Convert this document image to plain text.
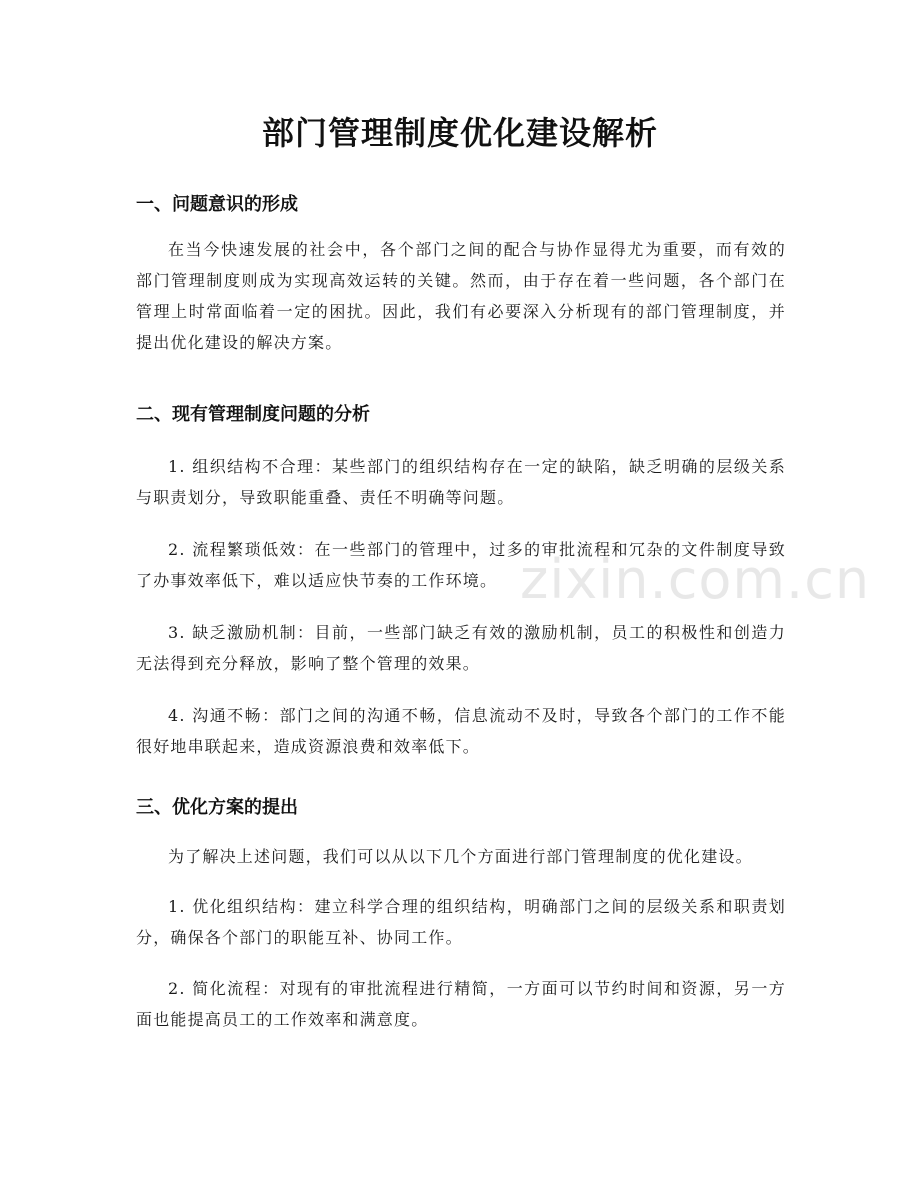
部门管理制度优化建设解析
一、问题意识的形成
在当今快速发展的社会中，各个部门之间的配合与协作显得尤为重要，而有效的部门管理制度则成为实现高效运转的关键。然而，由于存在着一些问题，各个部门在管理上时常面临着一定的困扰。因此，我们有必要深入分析现有的部门管理制度，并提出优化建设的解决方案。
二、现有管理制度问题的分析
1. 组织结构不合理：某些部门的组织结构存在一定的缺陷，缺乏明确的层级关系与职责划分，导致职能重叠、责任不明确等问题。
2. 流程繁琐低效：在一些部门的管理中，过多的审批流程和冗杂的文件制度导致了办事效率低下，难以适应快节奏的工作环境。
3. 缺乏激励机制：目前，一些部门缺乏有效的激励机制，员工的积极性和创造力无法得到充分释放，影响了整个管理的效果。
4. 沟通不畅：部门之间的沟通不畅，信息流动不及时，导致各个部门的工作不能很好地串联起来，造成资源浪费和效率低下。
三、优化方案的提出
为了解决上述问题，我们可以从以下几个方面进行部门管理制度的优化建设。
1. 优化组织结构：建立科学合理的组织结构，明确部门之间的层级关系和职责划分，确保各个部门的职能互补、协同工作。
2. 简化流程：对现有的审批流程进行精简，一方面可以节约时间和资源，另一方面也能提高员工的工作效率和满意度。
zixin.com.cn
